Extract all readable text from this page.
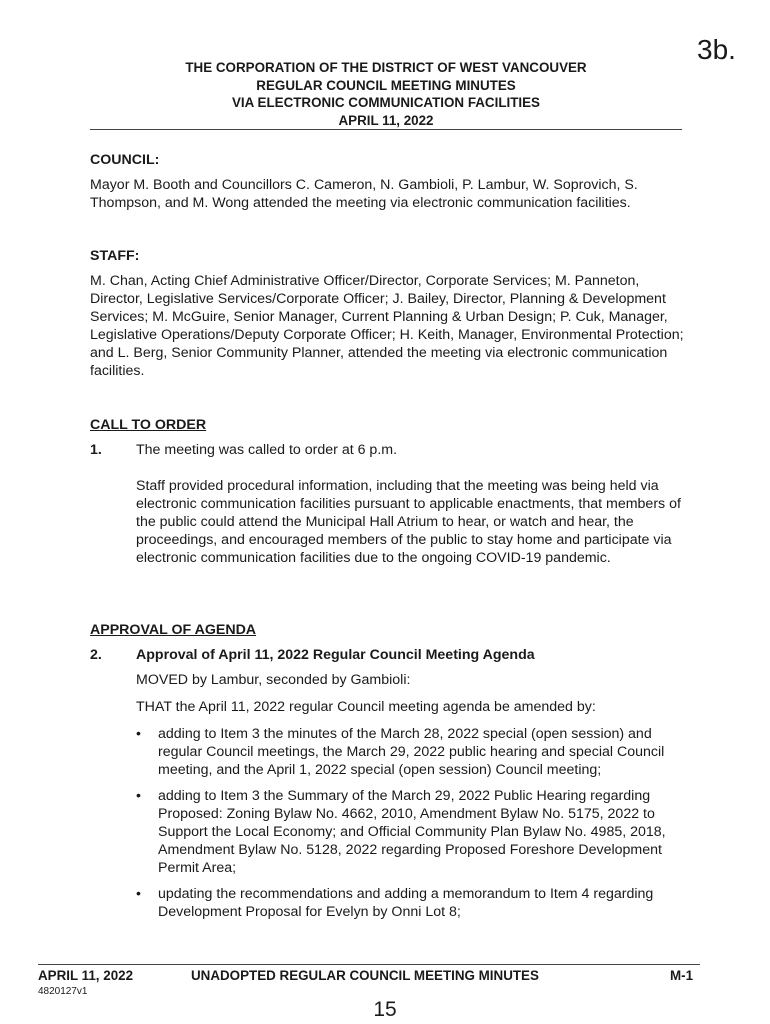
3b.
THE CORPORATION OF THE DISTRICT OF WEST VANCOUVER
REGULAR COUNCIL MEETING MINUTES
VIA ELECTRONIC COMMUNICATION FACILITIES
APRIL 11, 2022
COUNCIL:
Mayor M. Booth and Councillors C. Cameron, N. Gambioli, P. Lambur, W. Soprovich, S. Thompson, and M. Wong attended the meeting via electronic communication facilities.
STAFF:
M. Chan, Acting Chief Administrative Officer/Director, Corporate Services; M. Panneton, Director, Legislative Services/Corporate Officer; J. Bailey, Director, Planning & Development Services; M. McGuire, Senior Manager, Current Planning & Urban Design; P. Cuk, Manager, Legislative Operations/Deputy Corporate Officer; H. Keith, Manager, Environmental Protection; and L. Berg, Senior Community Planner, attended the meeting via electronic communication facilities.
CALL TO ORDER
1. The meeting was called to order at 6 p.m.
Staff provided procedural information, including that the meeting was being held via electronic communication facilities pursuant to applicable enactments, that members of the public could attend the Municipal Hall Atrium to hear, or watch and hear, the proceedings, and encouraged members of the public to stay home and participate via electronic communication facilities due to the ongoing COVID-19 pandemic.
APPROVAL OF AGENDA
2. Approval of April 11, 2022 Regular Council Meeting Agenda
MOVED by Lambur, seconded by Gambioli:
THAT the April 11, 2022 regular Council meeting agenda be amended by:
• adding to Item 3 the minutes of the March 28, 2022 special (open session) and regular Council meetings, the March 29, 2022 public hearing and special Council meeting, and the April 1, 2022 special (open session) Council meeting;
• adding to Item 3 the Summary of the March 29, 2022 Public Hearing regarding Proposed: Zoning Bylaw No. 4662, 2010, Amendment Bylaw No. 5175, 2022 to Support the Local Economy; and Official Community Plan Bylaw No. 4985, 2018, Amendment Bylaw No. 5128, 2022 regarding Proposed Foreshore Development Permit Area;
• updating the recommendations and adding a memorandum to Item 4 regarding Development Proposal for Evelyn by Onni Lot 8;
APRIL 11, 2022	UNADOPTED REGULAR COUNCIL MEETING MINUTES	M-1
4820127v1
15
